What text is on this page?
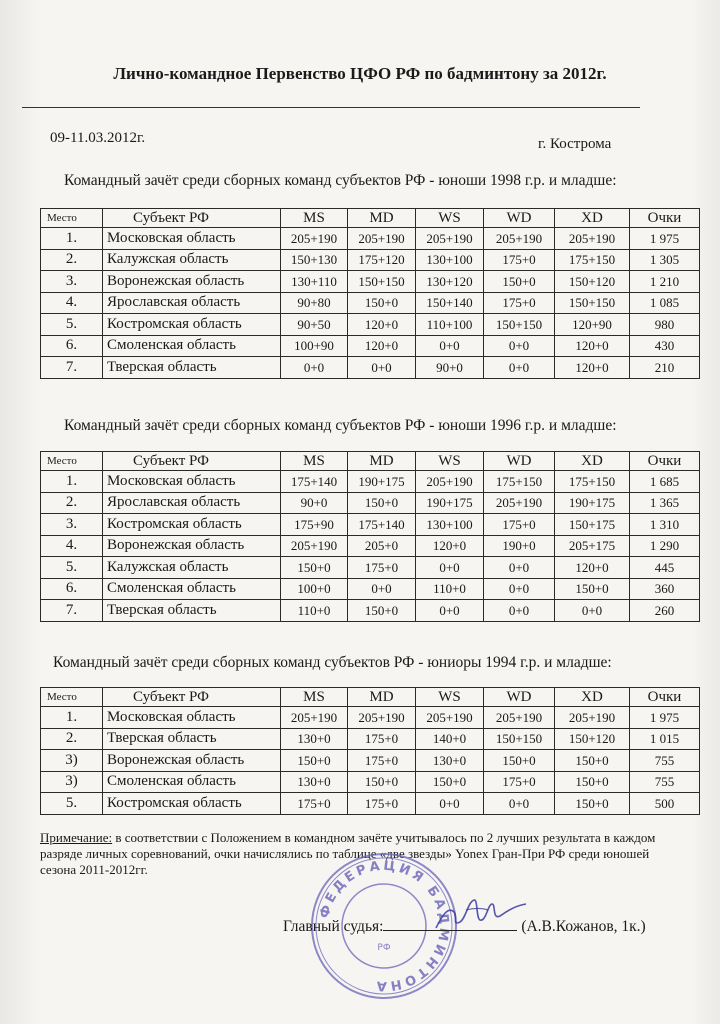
Лично-командное Первенство ЦФО РФ по бадминтону за 2012г.
09-11.03.2012г.	г. Кострома
Командный зачёт среди сборных команд субъектов РФ - юноши 1998 г.р. и младше:
Место	Субъект РФ	MS	MD	WS	WD	XD	Очки
1.	Московская область	205+190	205+190	205+190	205+190	205+190	1 975
2.	Калужская область	150+130	175+120	130+100	175+0	175+150	1 305
3.	Воронежская область	130+110	150+150	130+120	150+0	150+120	1 210
4.	Ярославская область	90+80	150+0	150+140	175+0	150+150	1 085
5.	Костромская область	90+50	120+0	110+100	150+150	120+90	980
6.	Смоленская область	100+90	120+0	0+0	0+0	120+0	430
7.	Тверская область	0+0	0+0	90+0	0+0	120+0	210
Командный зачёт среди сборных команд субъектов РФ - юноши 1996 г.р. и младше:
Место	Субъект РФ	MS	MD	WS	WD	XD	Очки
1.	Московская область	175+140	190+175	205+190	175+150	175+150	1 685
2.	Ярославская область	90+0	150+0	190+175	205+190	190+175	1 365
3.	Костромская область	175+90	175+140	130+100	175+0	150+175	1 310
4.	Воронежская область	205+190	205+0	120+0	190+0	205+175	1 290
5.	Калужская область	150+0	175+0	0+0	0+0	120+0	445
6.	Смоленская область	100+0	0+0	110+0	0+0	150+0	360
7.	Тверская область	110+0	150+0	0+0	0+0	0+0	260
Командный зачёт среди сборных команд субъектов РФ - юниоры 1994 г.р. и младше:
Место	Субъект РФ	MS	MD	WS	WD	XD	Очки
1.	Московская область	205+190	205+190	205+190	205+190	205+190	1 975
2.	Тверская область	130+0	175+0	140+0	150+150	150+120	1 015
3)	Воронежская область	150+0	175+0	130+0	150+0	150+0	755
3)	Смоленская область	130+0	150+0	150+0	175+0	150+0	755
5.	Костромская область	175+0	175+0	0+0	0+0	150+0	500
Примечание: в соответствии с Положением в командном зачёте учитывалось по 2 лучших результата в каждом разряде личных соревнований, очки начислялись по таблице «две звезды» Yonex Гран-При РФ среди юношей сезона 2011-2012гг.
ФЕДЕРАЦИЯ БАДМИНТОНА
РФ
Главный судья:	(А.В.Кожанов, 1к.)
